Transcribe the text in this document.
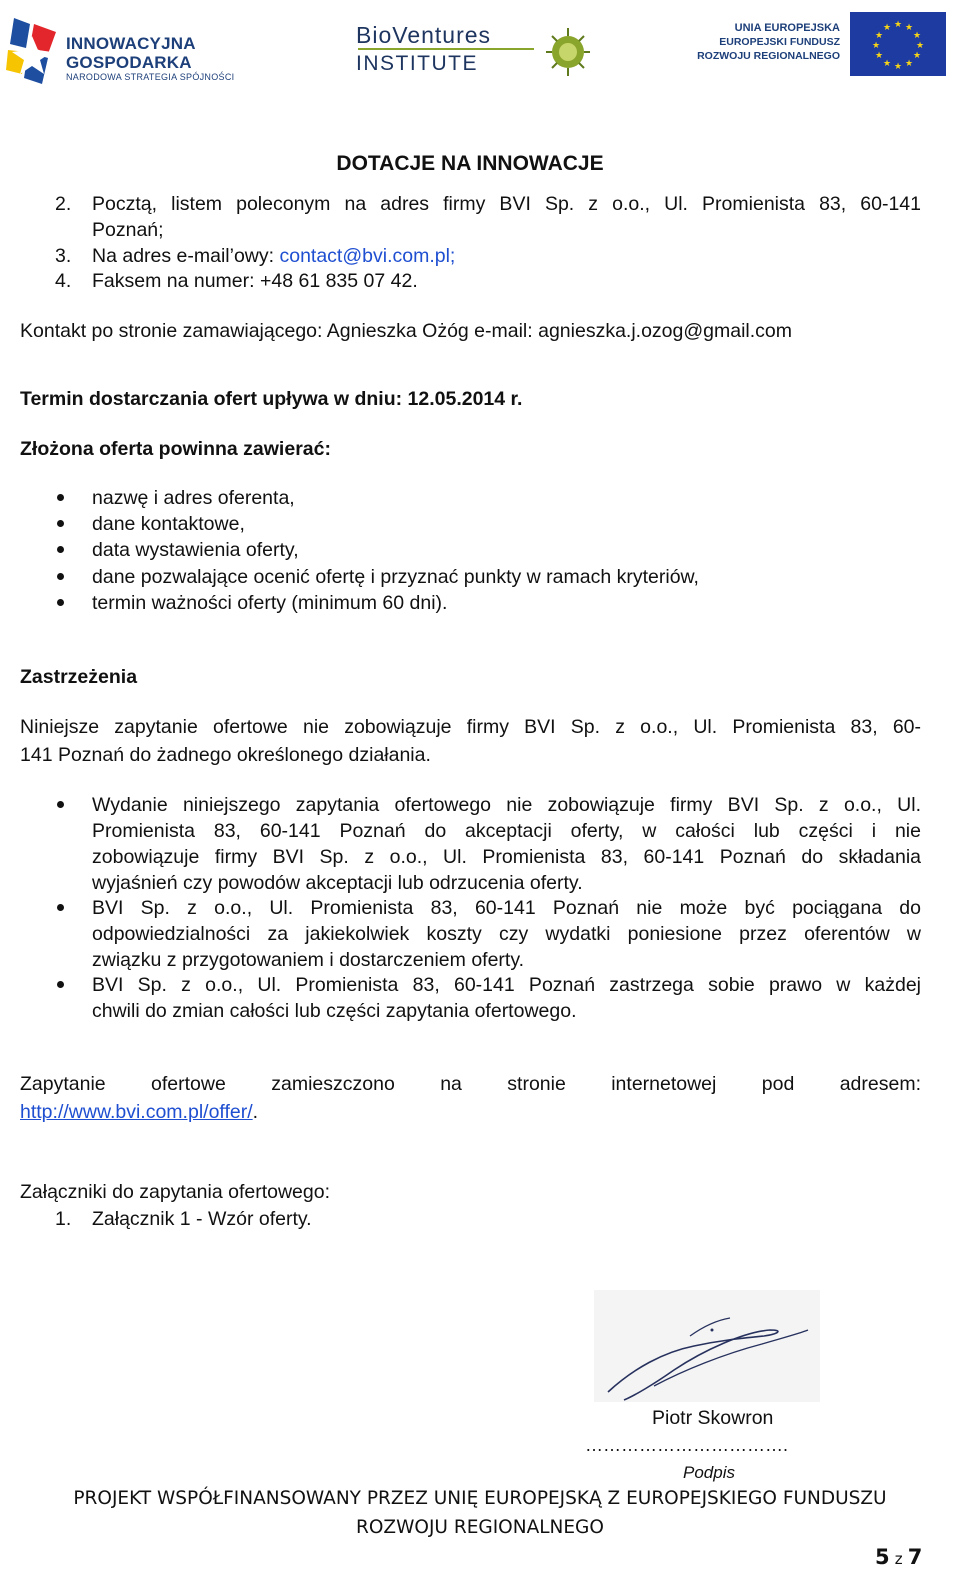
INNOWACYJNA
GOSPODARKA
NARODOWA STRATEGIA SPÓJNOŚCI
BioVentures
INSTITUTE
UNIA EUROPEJSKA
EUROPEJSKI FUNDUSZ
ROZWOJU REGIONALNEGO
★ ★
★
★
★
★
★
★
★
★
★
★
DOTACJE NA INNOWACJE
2.	Pocztą, listem poleconym na adres firmy BVI Sp. z o.o., Ul. Promienista 83, 60-141
Poznań;
3.	Na adres e-mail’owy: contact@bvi.com.pl;
4.	Faksem na numer: +48 61 835 07 42.
Kontakt po stronie zamawiającego: Agnieszka Ożóg e-mail: agnieszka.j.ozog@gmail.com
Termin dostarczania ofert upływa w dniu: 12.05.2014 r.
Złożona oferta powinna zawierać:
nazwę i adres oferenta,
dane kontaktowe,
data wystawienia oferty,
dane pozwalające ocenić ofertę i przyznać punkty w ramach kryteriów,
termin ważności oferty (minimum 60 dni).
Zastrzeżenia
Niniejsze zapytanie ofertowe nie zobowiązuje firmy BVI Sp. z o.o., Ul. Promienista 83, 60-
141 Poznań do żadnego określonego działania.
Wydanie niniejszego zapytania ofertowego nie zobowiązuje firmy BVI Sp. z o.o., Ul.
Promienista 83, 60-141 Poznań do akceptacji oferty, w całości lub części i nie
zobowiązuje firmy BVI Sp. z o.o., Ul. Promienista 83, 60-141 Poznań do składania
wyjaśnień czy powodów akceptacji lub odrzucenia oferty.
BVI Sp. z o.o., Ul. Promienista 83, 60-141 Poznań nie może być pociągana do
odpowiedzialności za jakiekolwiek koszty czy wydatki poniesione przez oferentów w
związku z przygotowaniem i dostarczeniem oferty.
BVI Sp. z o.o., Ul. Promienista 83, 60-141 Poznań zastrzega sobie prawo w każdej
chwili do zmian całości lub części zapytania ofertowego.
Zapytanie ofertowe zamieszczono na stronie internetowej pod adresem:
http://www.bvi.com.pl/offer/.
Załączniki do zapytania ofertowego:
1.	Załącznik 1 - Wzór oferty.
Piotr Skowron
…………………………….
Podpis
PROJEKT WSPÓŁFINANSOWANY PRZEZ UNIĘ EUROPEJSKĄ Z EUROPEJSKIEGO FUNDUSZU
ROZWOJU REGIONALNEGO
5 z 7
